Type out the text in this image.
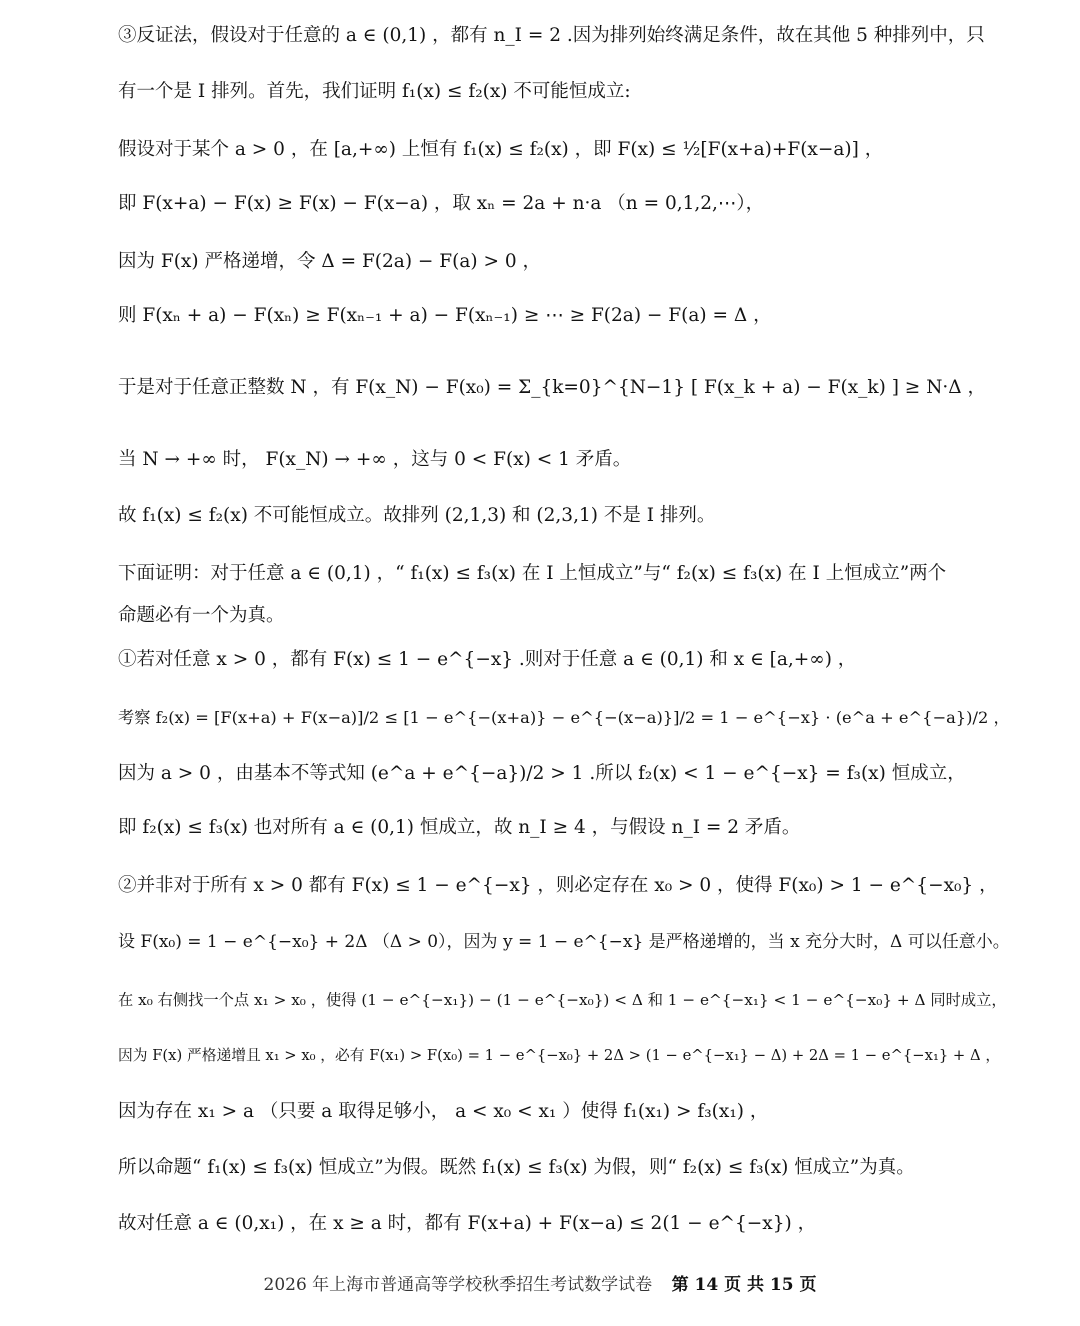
③反证法，假设对于任意的 a ∈ (0,1) ，都有 n_I = 2 .因为排列始终满足条件，故在其他 5 种排列中，只
有一个是 I 排列。首先，我们证明 f₁(x) ≤ f₂(x) 不可能恒成立:
假设对于某个 a > 0 ，在 [a,+∞) 上恒有 f₁(x) ≤ f₂(x) ，即 F(x) ≤ ½[F(x+a)+F(x−a)] ，
即 F(x+a) − F(x) ≥ F(x) − F(x−a) ，取 xₙ = 2a + n·a （n = 0,1,2,⋯），
因为 F(x) 严格递增，令 Δ = F(2a) − F(a) > 0 ，
则 F(xₙ + a) − F(xₙ) ≥ F(xₙ₋₁ + a) − F(xₙ₋₁) ≥ ⋯ ≥ F(2a) − F(a) = Δ ，
于是对于任意正整数 N ，有 F(x_N) − F(x₀) = Σ_{k=0}^{N−1} [ F(x_k + a) − F(x_k) ] ≥ N·Δ ，
当 N → +∞ 时， F(x_N) → +∞ ，这与 0 < F(x) < 1 矛盾。
故 f₁(x) ≤ f₂(x) 不可能恒成立。故排列 (2,1,3) 和 (2,3,1) 不是 I 排列。
下面证明：对于任意 a ∈ (0,1) ，“ f₁(x) ≤ f₃(x) 在 I 上恒成立”与“ f₂(x) ≤ f₃(x) 在 I 上恒成立”两个
命题必有一个为真。
①若对任意 x > 0 ，都有 F(x) ≤ 1 − e^{−x} .则对于任意 a ∈ (0,1) 和 x ∈ [a,+∞) ，
考察 f₂(x) = [F(x+a) + F(x−a)]/2 ≤ [1 − e^{−(x+a)} − e^{−(x−a)}]/2 = 1 − e^{−x} · (e^a + e^{−a})/2 ，
因为 a > 0 ，由基本不等式知 (e^a + e^{−a})/2 > 1 .所以 f₂(x) < 1 − e^{−x} = f₃(x) 恒成立，
即 f₂(x) ≤ f₃(x) 也对所有 a ∈ (0,1) 恒成立，故 n_I ≥ 4 ，与假设 n_I = 2 矛盾。
②并非对于所有 x > 0 都有 F(x) ≤ 1 − e^{−x} ，则必定存在 x₀ > 0 ，使得 F(x₀) > 1 − e^{−x₀} ，
设 F(x₀) = 1 − e^{−x₀} + 2Δ （Δ > 0），因为 y = 1 − e^{−x} 是严格递增的，当 x 充分大时，Δ 可以任意小。
在 x₀ 右侧找一个点 x₁ > x₀ ，使得 (1 − e^{−x₁}) − (1 − e^{−x₀}) < Δ 和 1 − e^{−x₁} < 1 − e^{−x₀} + Δ 同时成立，
因为 F(x) 严格递增且 x₁ > x₀ ，必有 F(x₁) > F(x₀) = 1 − e^{−x₀} + 2Δ > (1 − e^{−x₁} − Δ) + 2Δ = 1 − e^{−x₁} + Δ ，
因为存在 x₁ > a （只要 a 取得足够小， a < x₀ < x₁ ）使得 f₁(x₁) > f₃(x₁) ，
所以命题“ f₁(x) ≤ f₃(x) 恒成立”为假。既然 f₁(x) ≤ f₃(x) 为假，则“ f₂(x) ≤ f₃(x) 恒成立”为真。
故对任意 a ∈ (0,x₁) ，在 x ≥ a 时，都有 F(x+a) + F(x−a) ≤ 2(1 − e^{−x}) ，
2026 年上海市普通高等学校秋季招生考试数学试卷 第 14 页 共 15 页
